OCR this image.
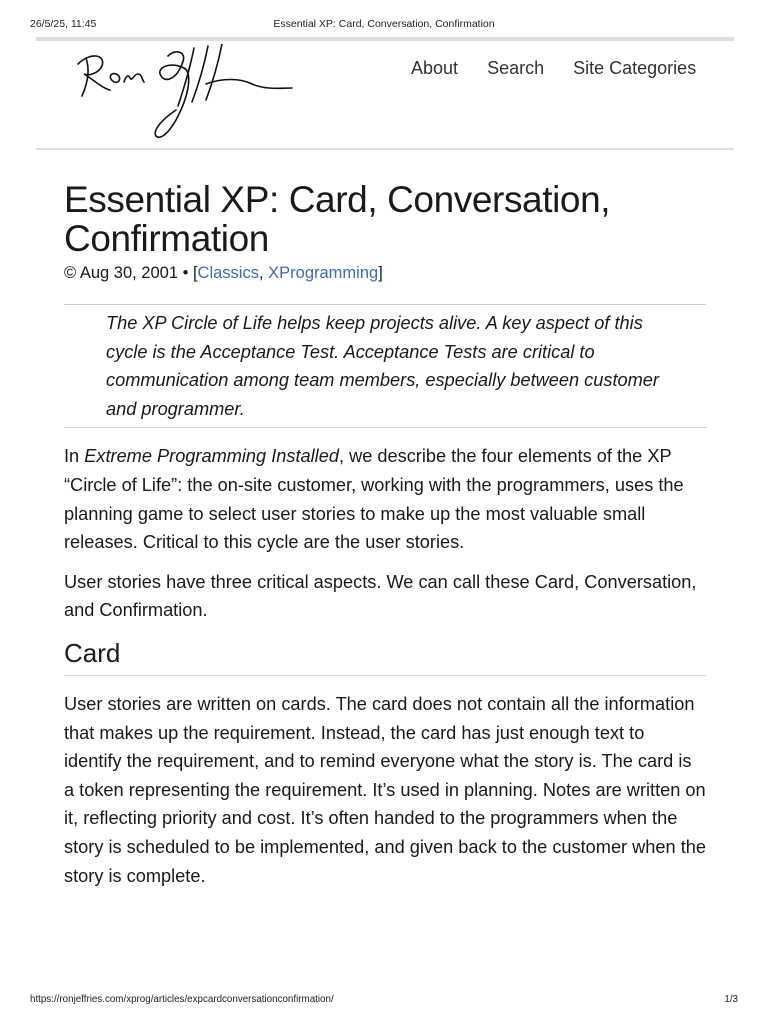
26/5/25, 11:45	Essential XP: Card, Conversation, Confirmation
About Search Site Categories
Essential XP: Card, Conversation, Confirmation
© Aug 30, 2001 • [Classics, XProgramming]

The XP Circle of Life helps keep projects alive. A key aspect of this cycle is the Acceptance Test. Acceptance Tests are critical to communication among team members, especially between customer and programmer.

In Extreme Programming Installed, we describe the four elements of the XP “Circle of Life”: the on-site customer, working with the programmers, uses the planning game to select user stories to make up the most valuable small releases. Critical to this cycle are the user stories.

User stories have three critical aspects. We can call these Card, Conversation, and Confirmation.

Card

User stories are written on cards. The card does not contain all the information that makes up the requirement. Instead, the card has just enough text to identify the requirement, and to remind everyone what the story is. The card is a token representing the requirement. It’s used in planning. Notes are written on it, reflecting priority and cost. It’s often handed to the programmers when the story is scheduled to be implemented, and given back to the customer when the story is complete.

https://ronjeffries.com/xprog/articles/expcardconversationconfirmation/	1/3
